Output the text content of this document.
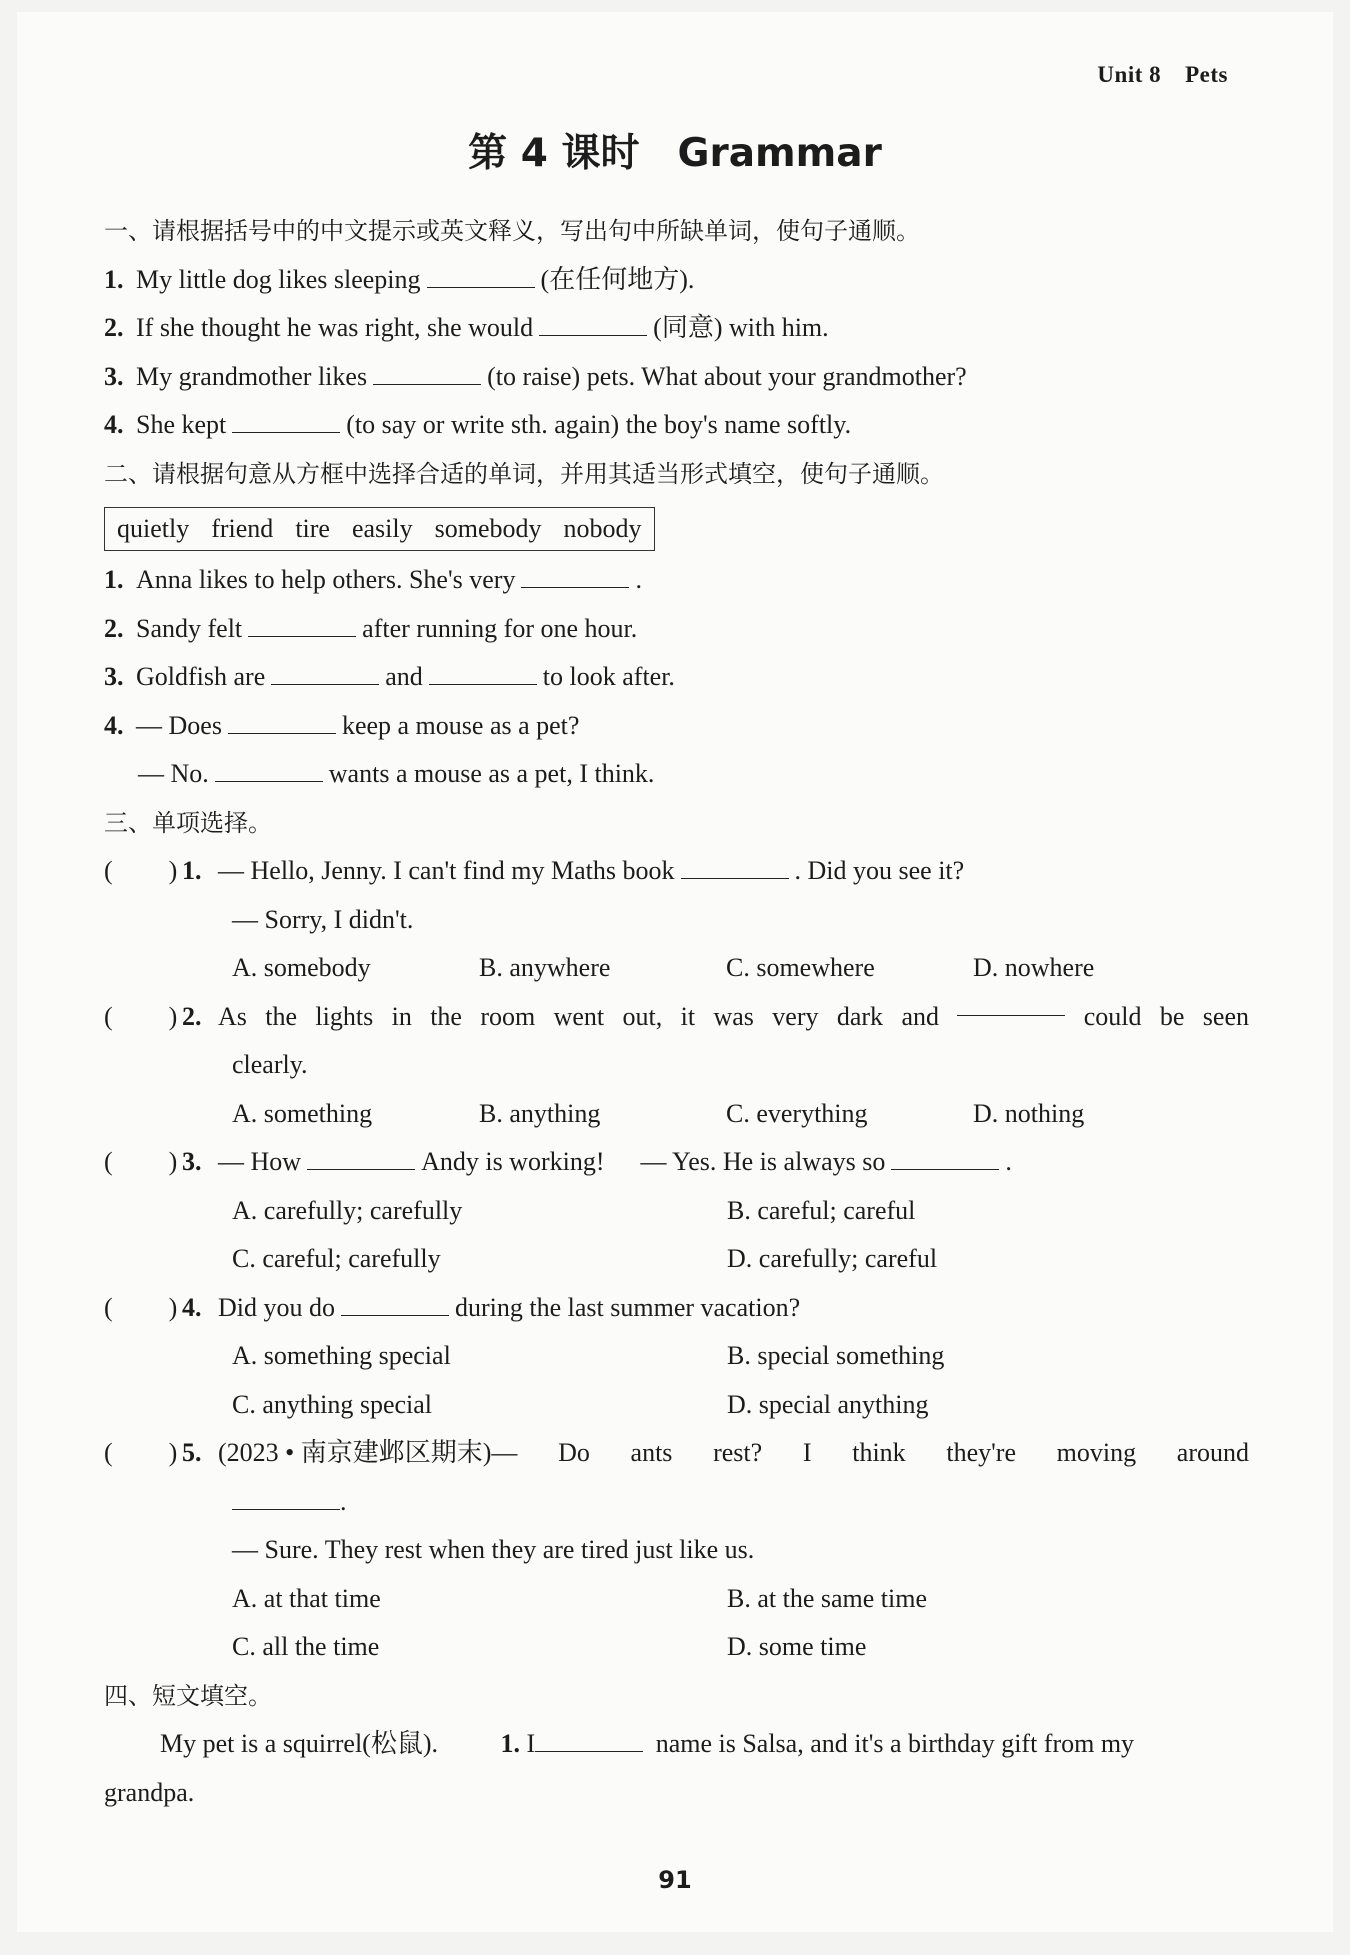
Unit 8 Pets
第 4 课时 Grammar
一、请根据括号中的中文提示或英文释义，写出句中所缺单词，使句子通顺。
1. My little dog likes sleeping	(在任何地方).
2. If she thought he was right, she would	(同意) with him.
3. My grandmother likes	(to raise) pets. What about your grandmother?
4. She kept	(to say or write sth. again) the boy's name softly.
二、请根据句意从方框中选择合适的单词，并用其适当形式填空，使句子通顺。
quietly friend tire easily somebody nobody
1. Anna likes to help others. She's very	.
2. Sandy felt	after running for one hour.
3. Goldfish are	and	to look after.
4. — Does	keep a mouse as a pet?
— No.	wants a mouse as a pet, I think.
三、单项选择。
( ) 1. — Hello, Jenny. I can't find my Maths book	. Did you see it?
— Sorry, I didn't.
A. somebody	B. anywhere	C. somewhere	D. nowhere
( ) 2. As the lights in the room went out, it was very dark and	could be seen
clearly.
A. something	B. anything	C. everything	D. nothing
( ) 3. — How	Andy is working! — Yes. He is always so	.
A. carefully; carefully	B. careful; careful
C. careful; carefully	D. carefully; careful
( ) 4. Did you do	during the last summer vacation?
A. something special	B. special something
C. anything special	D. special anything
( ) 5. (2023 • 南京建邺区期末)— Do ants rest? I think they're moving around
.
— Sure. They rest when they are tired just like us.
A. at that time	B. at the same time
C. all the time	D. some time
四、短文填空。
My pet is a squirrel(松鼠). 1. I	name is Salsa, and it's a birthday gift from my
grandpa.
91
